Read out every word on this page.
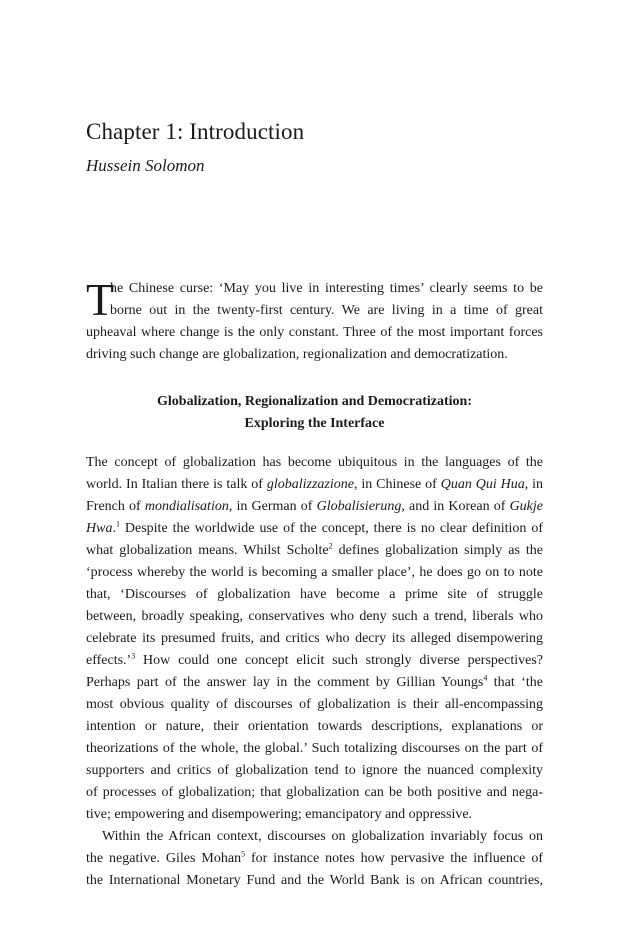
Chapter 1: Introduction

Hussein Solomon

T
he Chinese curse: ‘May you live in interesting times’ clearly seems to be
borne out in the twenty-first century. We are living in a time of great
upheaval where change is the only constant. Three of the most important forces
driving such change are globalization, regionalization and democratization.
Globalization, Regionalization and Democratization:
Exploring the Interface
The concept of globalization has become ubiquitous in the languages of the
world. In Italian there is talk of globalizzazione, in Chinese of Quan Qui Hua, in
French of mondialisation, in German of Globalisierung, and in Korean of Gukje
Hwa.$^1$ Despite the worldwide use of the concept, there is no clear definition of
what globalization means. Whilst Scholte$^2$ defines globalization simply as the
‘process whereby the world is becoming a smaller place’, he does go on to note
that, ‘Discourses of globalization have become a prime site of struggle
between, broadly speaking, conservatives who deny such a trend, liberals who
celebrate its presumed fruits, and critics who decry its alleged disempowering
effects.’$^3$ How could one concept elicit such strongly diverse perspectives?
Perhaps part of the answer lay in the comment by Gillian Youngs$^4$ that ‘the
most obvious quality of discourses of globalization is their all-encompassing
intention or nature, their orientation towards descriptions, explanations or
theorizations of the whole, the global.’ Such totalizing discourses on the part of
supporters and critics of globalization tend to ignore the nuanced complexity
of processes of globalization; that globalization can be both positive and nega-
tive; empowering and disempowering; emancipatory and oppressive.
Within the African context, discourses on globalization invariably focus on
the negative. Giles Mohan$^5$ for instance notes how pervasive the influence of
the International Monetary Fund and the World Bank is on African countries,
